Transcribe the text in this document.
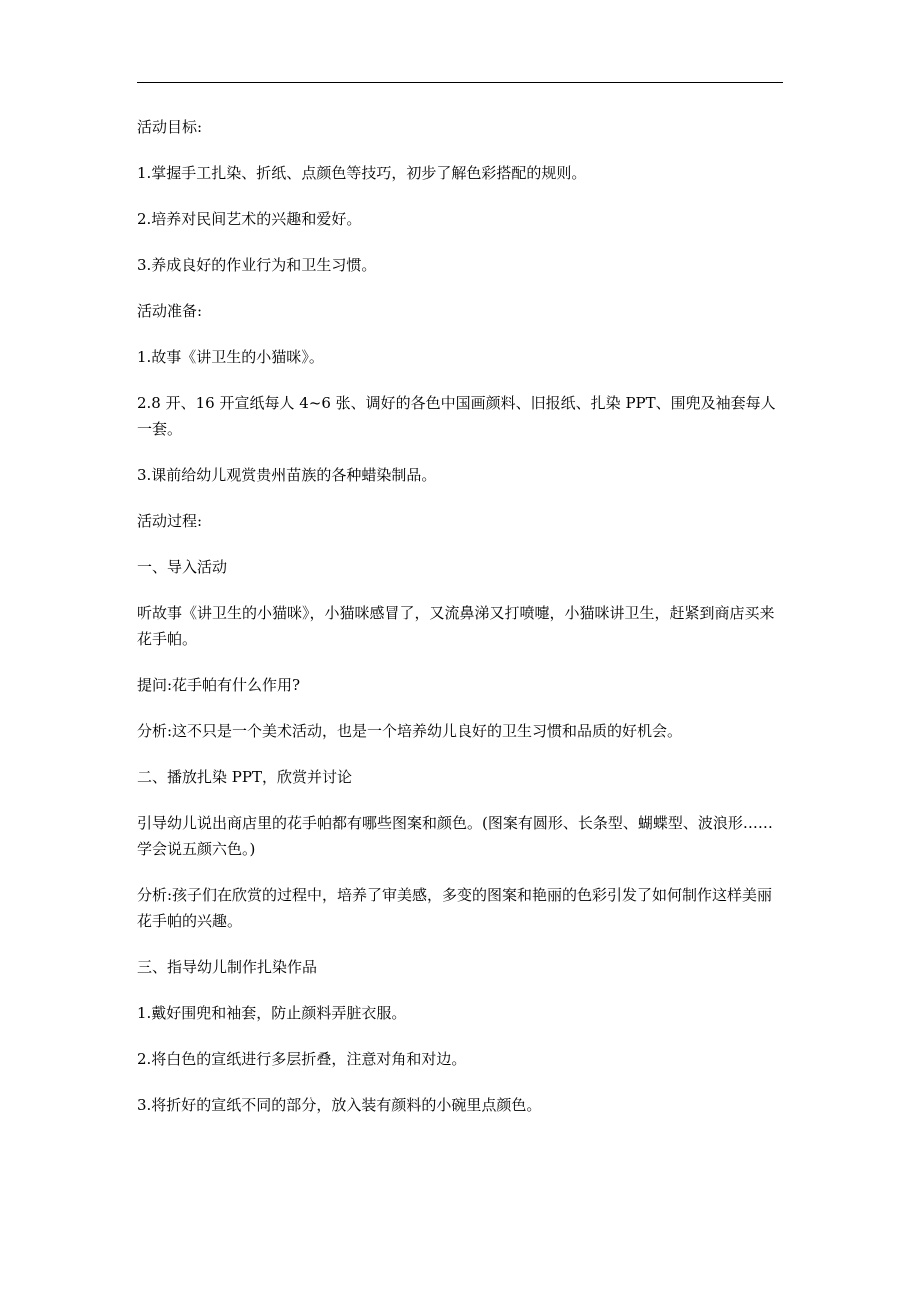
活动目标:

1.掌握手工扎染、折纸、点颜色等技巧，初步了解色彩搭配的规则。

2.培养对民间艺术的兴趣和爱好。

3.养成良好的作业行为和卫生习惯。

活动准备:

1.故事《讲卫生的小猫咪》。

2.8 开、16 开宣纸每人 4~6 张、调好的各色中国画颜料、旧报纸、扎染 PPT、围兜及袖套每人一套。

3.课前给幼儿观赏贵州苗族的各种蜡染制品。

活动过程:

一、导入活动

听故事《讲卫生的小猫咪》，小猫咪感冒了，又流鼻涕又打喷嚏，小猫咪讲卫生，赶紧到商店买来花手帕。

提问:花手帕有什么作用?

分析:这不只是一个美术活动，也是一个培养幼儿良好的卫生习惯和品质的好机会。

二、播放扎染 PPT，欣赏并讨论

引导幼儿说出商店里的花手帕都有哪些图案和颜色。(图案有圆形、长条型、蝴蝶型、波浪形……学会说五颜六色。)

分析:孩子们在欣赏的过程中，培养了审美感，多变的图案和艳丽的色彩引发了如何制作这样美丽花手帕的兴趣。

三、指导幼儿制作扎染作品

1.戴好围兜和袖套，防止颜料弄脏衣服。

2.将白色的宣纸进行多层折叠，注意对角和对边。

3.将折好的宣纸不同的部分，放入装有颜料的小碗里点颜色。
